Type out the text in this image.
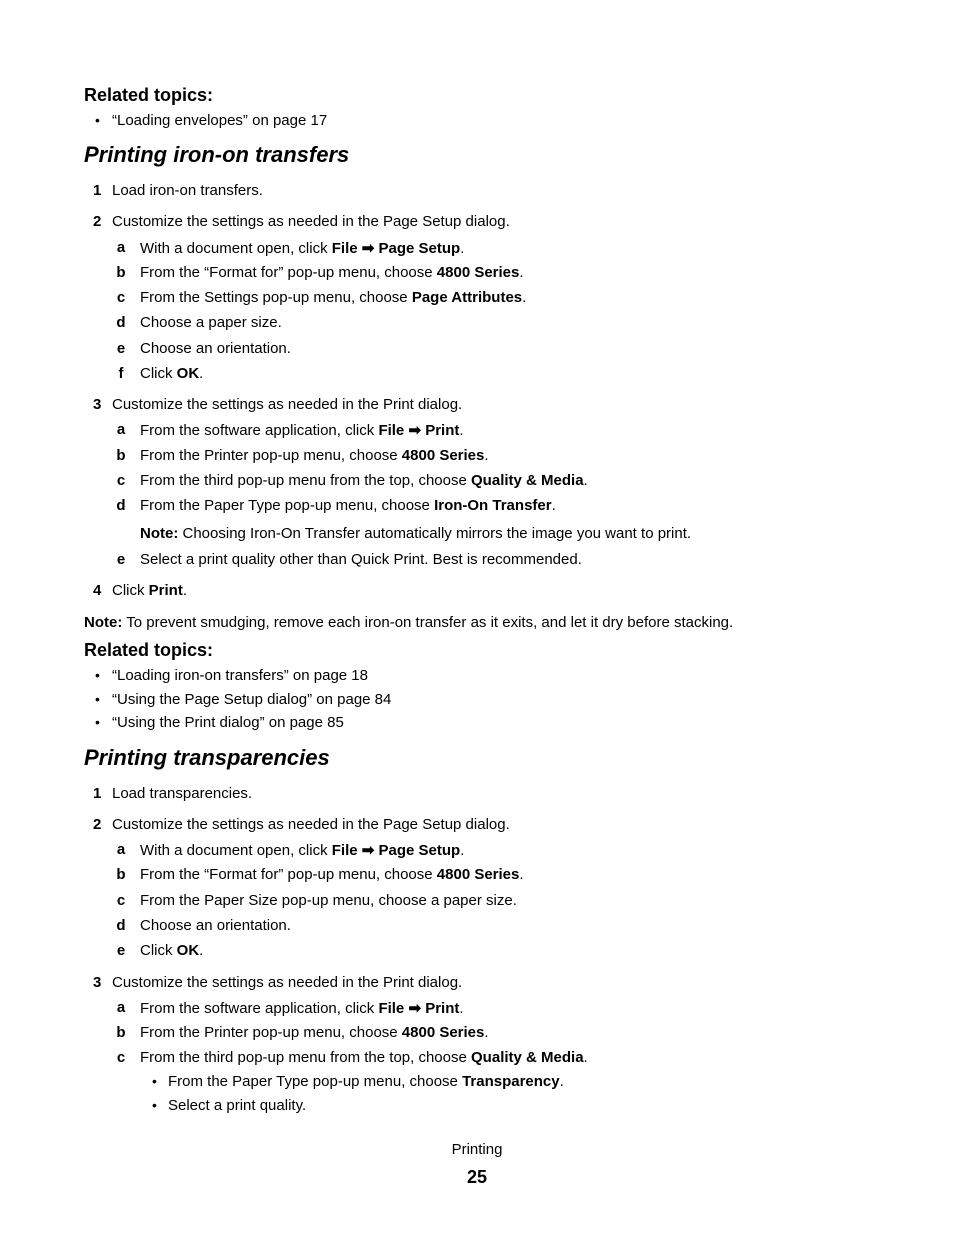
Related topics:
• “Loading envelopes” on page 17
Printing iron-on transfers
1 Load iron-on transfers.
2 Customize the settings as needed in the Page Setup dialog.
a With a document open, click File ➡ Page Setup.
b From the “Format for” pop-up menu, choose 4800 Series.
c From the Settings pop-up menu, choose Page Attributes.
d Choose a paper size.
e Choose an orientation.
f Click OK.
3 Customize the settings as needed in the Print dialog.
a From the software application, click File ➡ Print.
b From the Printer pop-up menu, choose 4800 Series.
c From the third pop-up menu from the top, choose Quality & Media.
d From the Paper Type pop-up menu, choose Iron-On Transfer.
Note: Choosing Iron-On Transfer automatically mirrors the image you want to print.
e Select a print quality other than Quick Print. Best is recommended.
4 Click Print.
Note: To prevent smudging, remove each iron-on transfer as it exits, and let it dry before stacking.
Related topics:
• “Loading iron-on transfers” on page 18
• “Using the Page Setup dialog” on page 84
• “Using the Print dialog” on page 85
Printing transparencies
1 Load transparencies.
2 Customize the settings as needed in the Page Setup dialog.
a With a document open, click File ➡ Page Setup.
b From the “Format for” pop-up menu, choose 4800 Series.
c From the Paper Size pop-up menu, choose a paper size.
d Choose an orientation.
e Click OK.
3 Customize the settings as needed in the Print dialog.
a From the software application, click File ➡ Print.
b From the Printer pop-up menu, choose 4800 Series.
c From the third pop-up menu from the top, choose Quality & Media.
• From the Paper Type pop-up menu, choose Transparency.
• Select a print quality.
Printing
25
